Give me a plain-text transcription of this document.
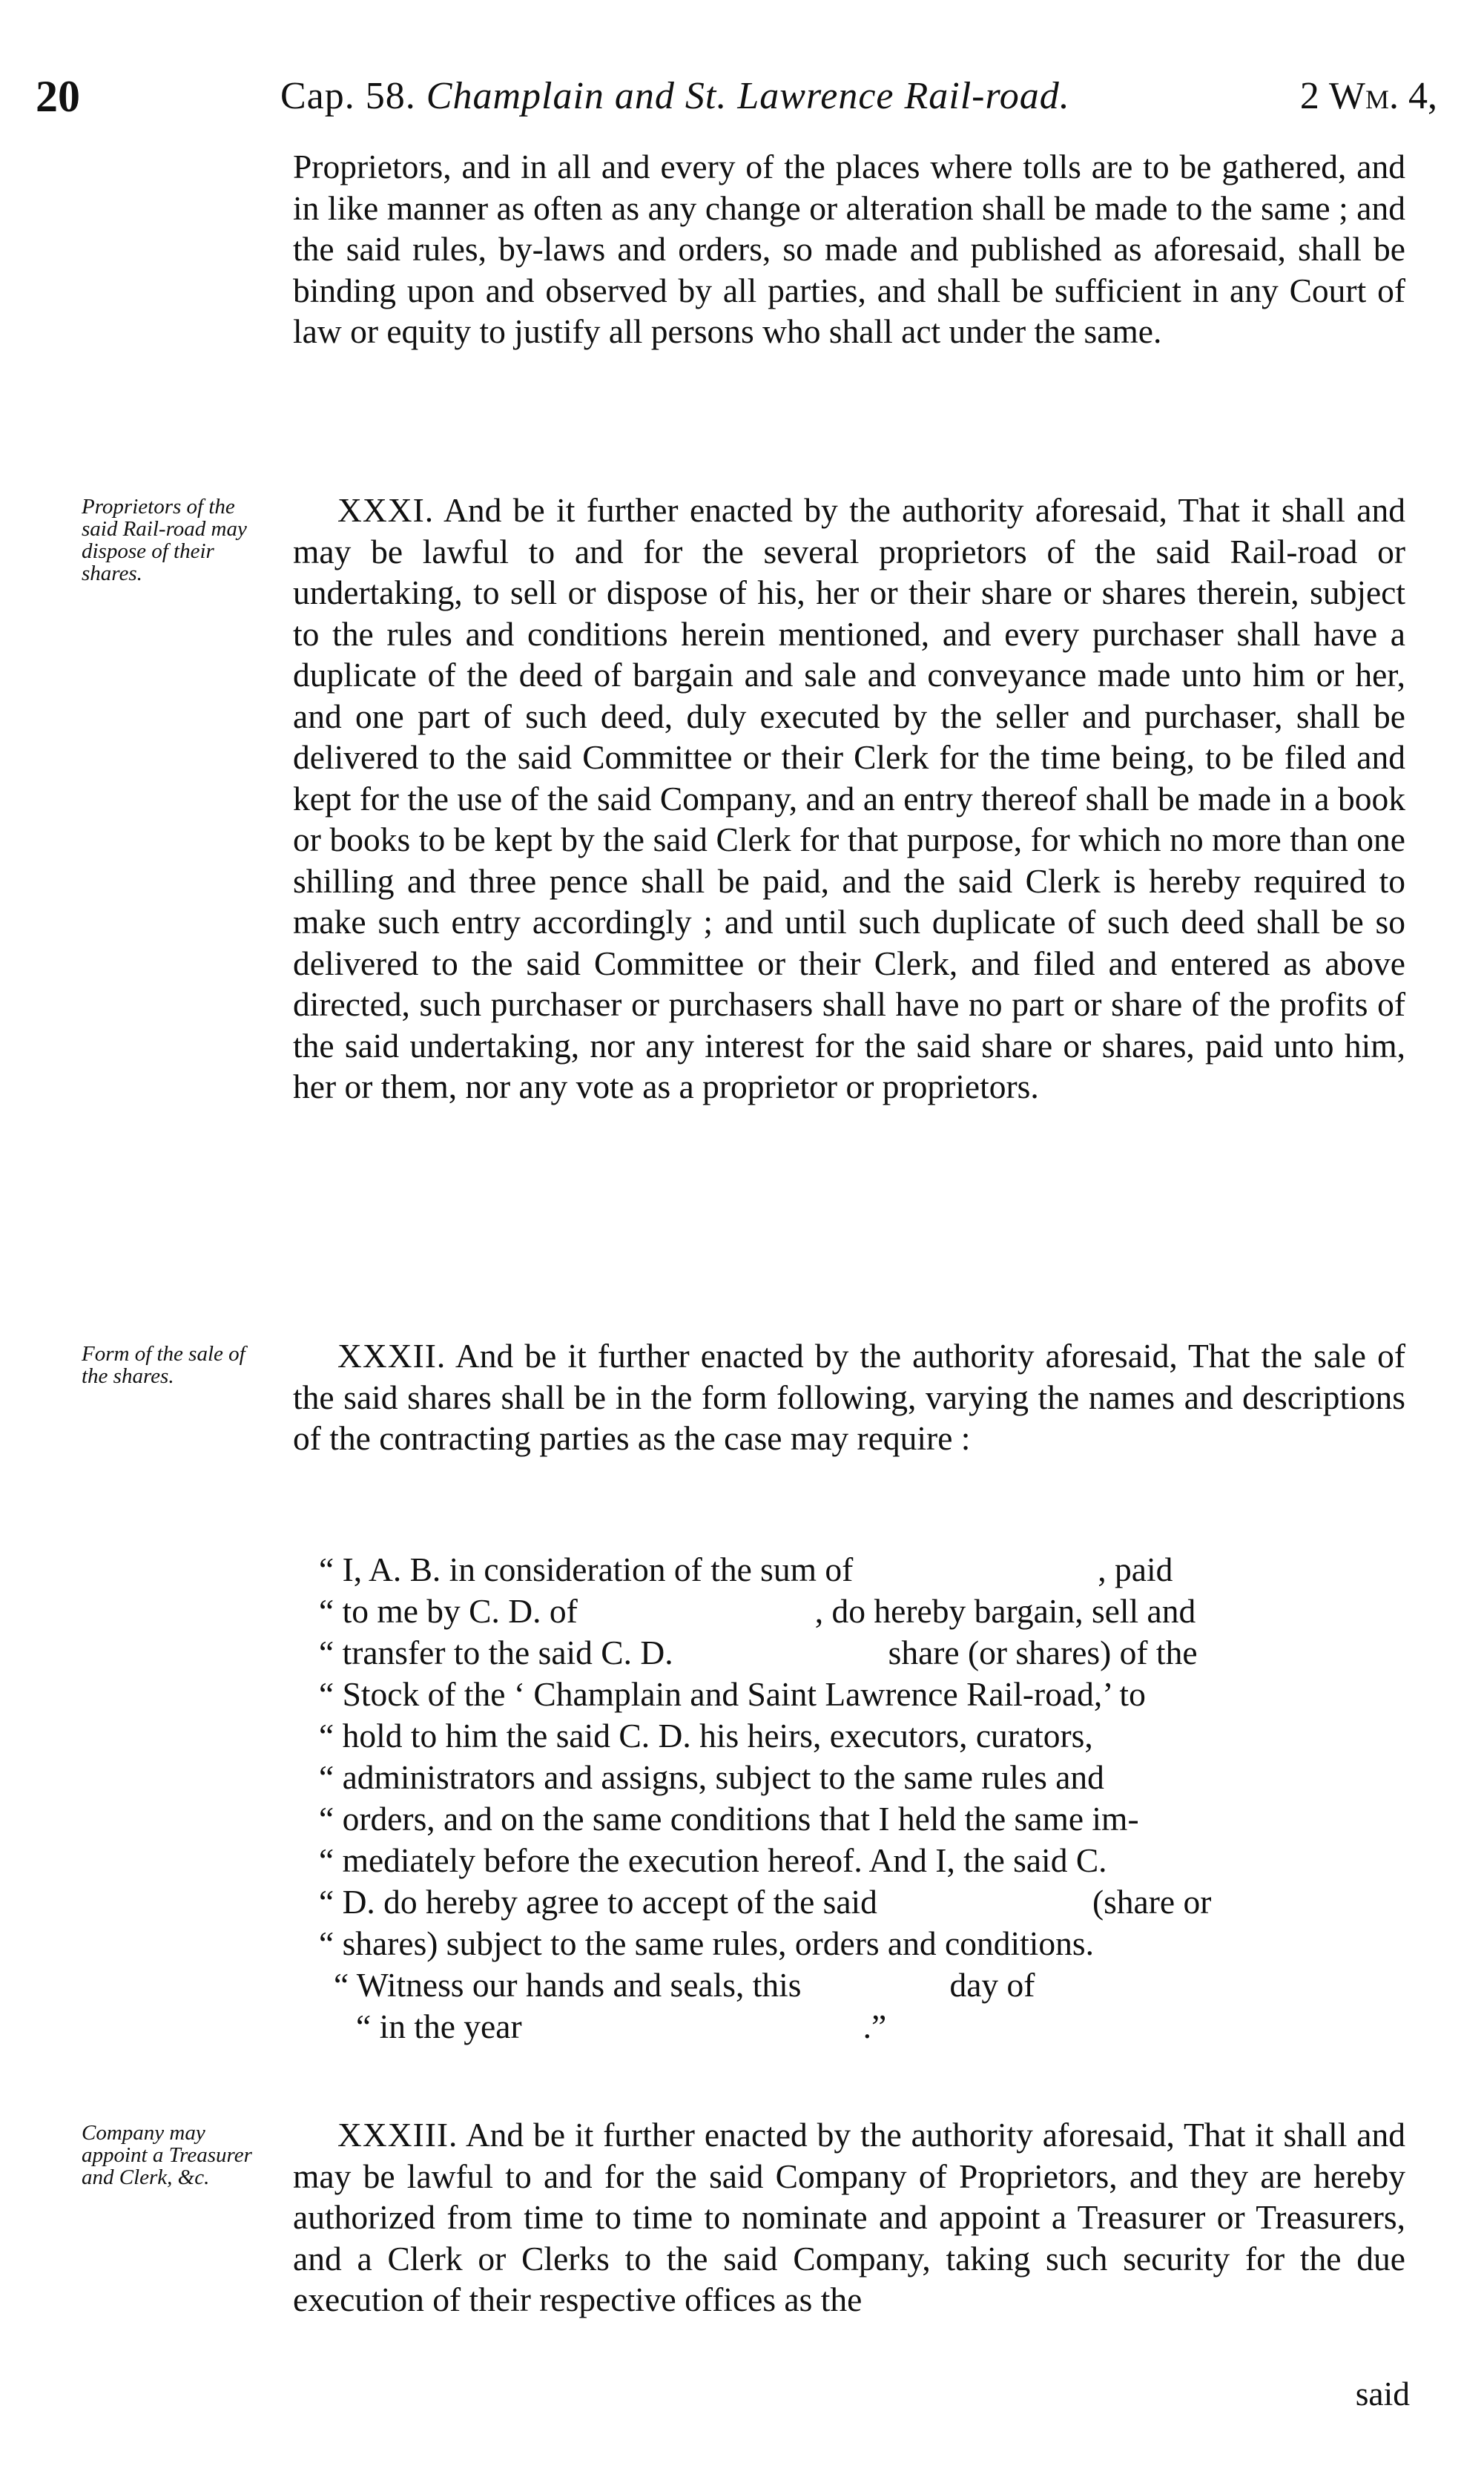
20	Cap. 58. Champlain and St. Lawrence Rail-road.	2 Wm. 4,

Proprietors, and in all and every of the places where tolls are to be gathered, and in like manner as often as any change or alteration shall be made to the same ; and the said rules, by-laws and orders, so made and published as aforesaid, shall be binding upon and observed by all parties, and shall be sufficient in any Court of law or equity to justify all persons who shall act under the same.

Proprietors of the said Rail-road may dispose of their shares.

XXXI. And be it further enacted by the authority aforesaid, That it shall and may be lawful to and for the several proprietors of the said Rail-road or undertaking, to sell or dispose of his, her or their share or shares therein, subject to the rules and conditions herein mentioned, and every purchaser shall have a duplicate of the deed of bargain and sale and conveyance made unto him or her, and one part of such deed, duly executed by the seller and purchaser, shall be delivered to the said Committee or their Clerk for the time being, to be filed and kept for the use of the said Company, and an entry thereof shall be made in a book or books to be kept by the said Clerk for that purpose, for which no more than one shilling and three pence shall be paid, and the said Clerk is hereby required to make such entry accordingly ; and until such duplicate of such deed shall be so delivered to the said Committee or their Clerk, and filed and entered as above directed, such purchaser or purchasers shall have no part or share of the profits of the said undertaking, nor any interest for the said share or shares, paid unto him, her or them, nor any vote as a proprietor or proprietors.

Form of the sale of the shares.

XXXII. And be it further enacted by the authority aforesaid, That the sale of the said shares shall be in the form following, varying the names and descriptions of the contracting parties as the case may require :

“ I, A. B. in consideration of the sum of	, paid
“ to me by C. D. of	, do hereby bargain, sell and
“ transfer to the said C. D.	share (or shares) of the
“ Stock of the ‘ Champlain and Saint Lawrence Rail-road,’ to
“ hold to him the said C. D. his heirs, executors, curators,
“ administrators and assigns, subject to the same rules and
“ orders, and on the same conditions that I held the same im-
“ mediately before the execution hereof. And I, the said C.
“ D. do hereby agree to accept of the said	(share or
“ shares) subject to the same rules, orders and conditions.
“ Witness our hands and seals, this	day of
“ in the year	.”
Company may appoint a Treasurer and Clerk, &c.

XXXIII. And be it further enacted by the authority aforesaid, That it shall and may be lawful to and for the said Company of Proprietors, and they are hereby authorized from time to time to nominate and appoint a Treasurer or Treasurers, and a Clerk or Clerks to the said Company, taking such security for the due execution of their respective offices as the

said
